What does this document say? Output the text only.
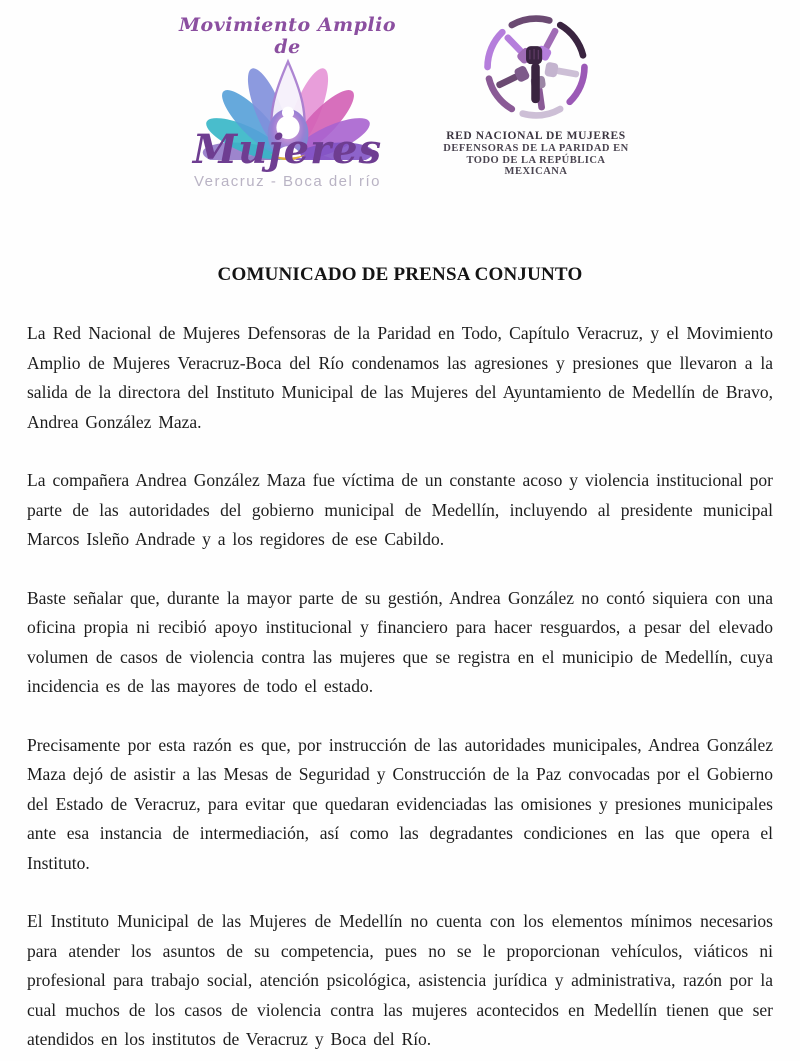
Movimiento Amplio de
Mujeres
Veracruz - Boca del río
RED NACIONAL DE MUJERES
DEFENSORAS DE LA PARIDAD EN
TODO DE LA REPÚBLICA MEXICANA
COMUNICADO DE PRENSA CONJUNTO

La Red Nacional de Mujeres Defensoras de la Paridad en Todo, Capítulo Veracruz, y el Movimiento Amplio de Mujeres Veracruz-Boca del Río condenamos las agresiones y presiones que llevaron a la salida de la directora del Instituto Municipal de las Mujeres del Ayuntamiento de Medellín de Bravo, Andrea González Maza.

La compañera Andrea González Maza fue víctima de un constante acoso y violencia institucional por parte de las autoridades del gobierno municipal de Medellín, incluyendo al presidente municipal Marcos Isleño Andrade y a los regidores de ese Cabildo.

Baste señalar que, durante la mayor parte de su gestión, Andrea González no contó siquiera con una oficina propia ni recibió apoyo institucional y financiero para hacer resguardos, a pesar del elevado volumen de casos de violencia contra las mujeres que se registra en el municipio de Medellín, cuya incidencia es de las mayores de todo el estado.

Precisamente por esta razón es que, por instrucción de las autoridades municipales, Andrea González Maza dejó de asistir a las Mesas de Seguridad y Construcción de la Paz convocadas por el Gobierno del Estado de Veracruz, para evitar que quedaran evidenciadas las omisiones y presiones municipales ante esa instancia de intermediación, así como las degradantes condiciones en las que opera el Instituto.

El Instituto Municipal de las Mujeres de Medellín no cuenta con los elementos mínimos necesarios para atender los asuntos de su competencia, pues no se le proporcionan vehículos, viáticos ni profesional para trabajo social, atención psicológica, asistencia jurídica y administrativa, razón por la cual muchos de los casos de violencia contra las mujeres acontecidos en Medellín tienen que ser atendidos en los institutos de Veracruz y Boca del Río.
